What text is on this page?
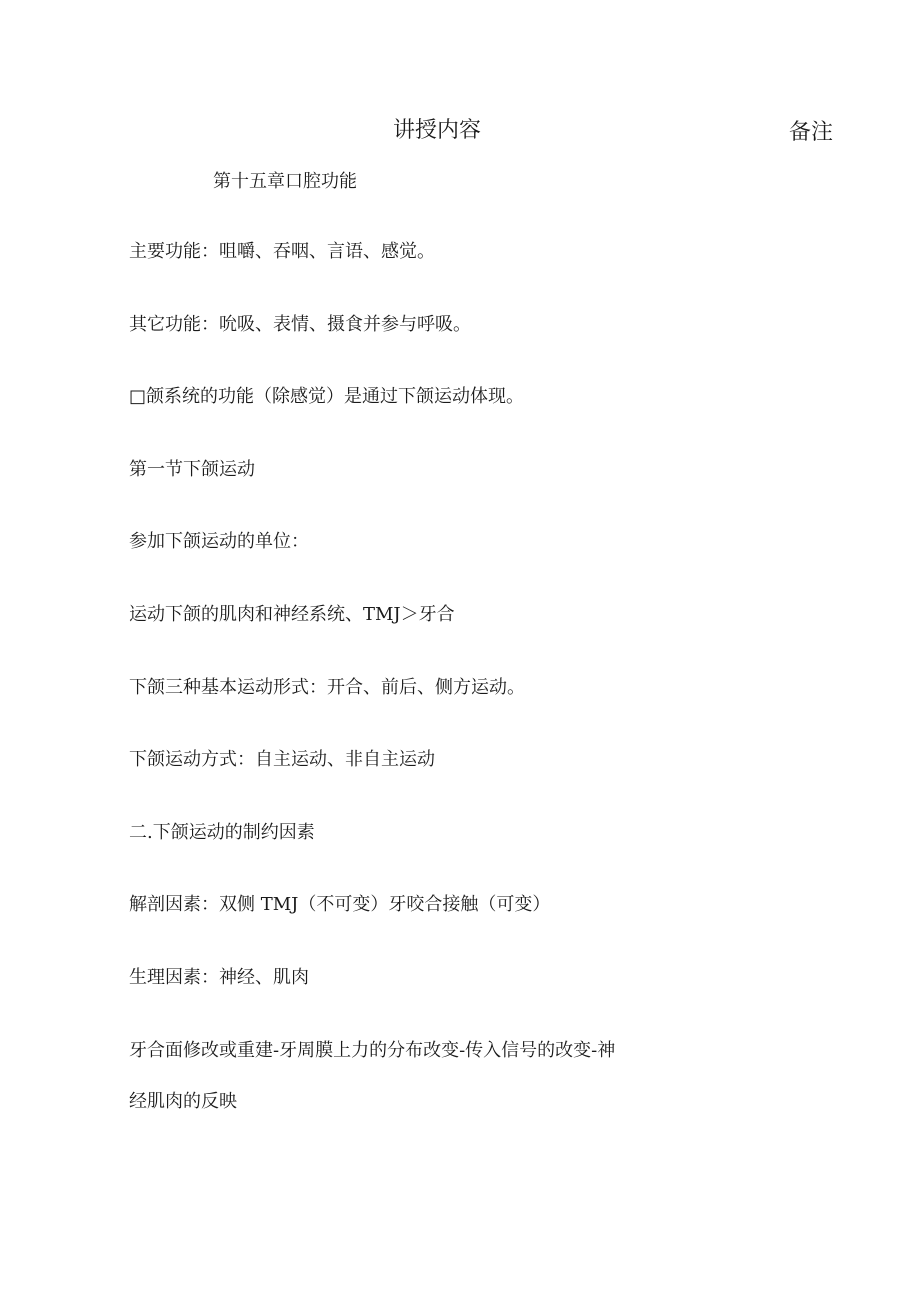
讲授内容	备注
第十五章口腔功能
主要功能：咀嚼、吞咽、言语、感觉。
其它功能：吮吸、表情、摄食并参与呼吸。
□颌系统的功能（除感觉）是通过下颌运动体现。
第一节下颌运动
参加下颌运动的单位：
运动下颌的肌肉和神经系统、TMJ＞牙合
下颌三种基本运动形式：开合、前后、侧方运动。
下颌运动方式：自主运动、非自主运动
二.下颌运动的制约因素
解剖因素：双侧 TMJ（不可变）牙咬合接触（可变）
生理因素：神经、肌肉
牙合面修改或重建-牙周膜上力的分布改变-传入信号的改变-神
经肌肉的反映
